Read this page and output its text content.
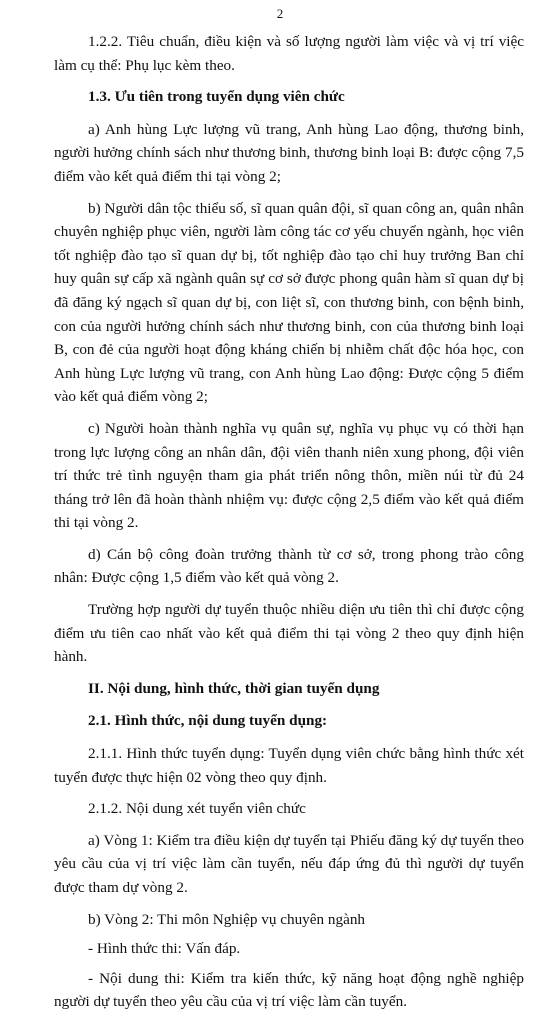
2

1.2.2. Tiêu chuẩn, điều kiện và số lượng người làm việc và vị trí việc làm cụ thể: Phụ lục kèm theo.

1.3. Ưu tiên trong tuyển dụng viên chức

a) Anh hùng Lực lượng vũ trang, Anh hùng Lao động, thương binh, người hưởng chính sách như thương binh, thương binh loại B: được cộng 7,5 điểm vào kết quả điểm thi tại vòng 2;

b) Người dân tộc thiểu số, sĩ quan quân đội, sĩ quan công an, quân nhân chuyên nghiệp phục viên, người làm công tác cơ yếu chuyển ngành, học viên tốt nghiệp đào tạo sĩ quan dự bị, tốt nghiệp đào tạo chỉ huy trưởng Ban chỉ huy quân sự cấp xã ngành quân sự cơ sở được phong quân hàm sĩ quan dự bị đã đăng ký ngạch sĩ quan dự bị, con liệt sĩ, con thương binh, con bệnh binh, con của người hưởng chính sách như thương binh, con của thương binh loại B, con đẻ của người hoạt động kháng chiến bị nhiễm chất độc hóa học, con Anh hùng Lực lượng vũ trang, con Anh hùng Lao động: Được cộng 5 điểm vào kết quả điểm vòng 2;

c) Người hoàn thành nghĩa vụ quân sự, nghĩa vụ phục vụ có thời hạn trong lực lượng công an nhân dân, đội viên thanh niên xung phong, đội viên trí thức trẻ tình nguyện tham gia phát triển nông thôn, miền núi từ đủ 24 tháng trở lên đã hoàn thành nhiệm vụ: được cộng 2,5 điểm vào kết quả điểm thi tại vòng 2.

d) Cán bộ công đoàn trưởng thành từ cơ sở, trong phong trào công nhân: Được cộng 1,5 điểm vào kết quả vòng 2.

Trường hợp người dự tuyển thuộc nhiều diện ưu tiên thì chỉ được cộng điểm ưu tiên cao nhất vào kết quả điểm thi tại vòng 2 theo quy định hiện hành.

II. Nội dung, hình thức, thời gian tuyển dụng

2.1. Hình thức, nội dung tuyển dụng:

2.1.1. Hình thức tuyển dụng: Tuyển dụng viên chức bằng hình thức xét tuyển được thực hiện 02 vòng theo quy định.

2.1.2. Nội dung xét tuyển viên chức

a) Vòng 1: Kiểm tra điều kiện dự tuyển tại Phiếu đăng ký dự tuyển theo yêu cầu của vị trí việc làm cần tuyển, nếu đáp ứng đủ thì người dự tuyển được tham dự vòng 2.

b) Vòng 2: Thi môn Nghiệp vụ chuyên ngành

- Hình thức thi: Vấn đáp.

- Nội dung thi: Kiểm tra kiến thức, kỹ năng hoạt động nghề nghiệp người dự tuyển theo yêu cầu của vị trí việc làm cần tuyển.
